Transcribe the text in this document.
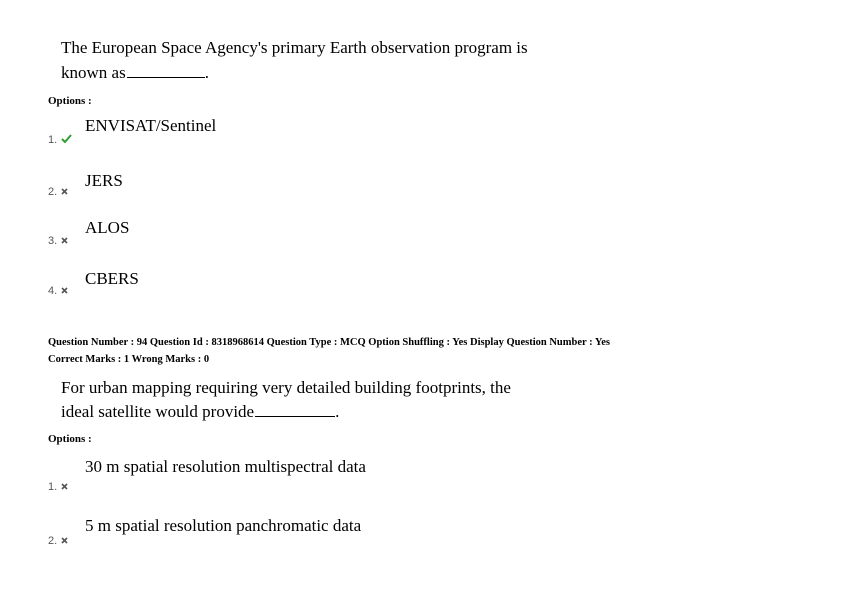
The European Space Agency's primary Earth observation program is
known as	.
Options :
ENVISAT/Sentinel
1.
JERS
2.
ALOS
3.
CBERS
4.
Question Number : 94 Question Id : 8318968614 Question Type : MCQ Option Shuffling : Yes Display Question Number : Yes
Correct Marks : 1 Wrong Marks : 0
For urban mapping requiring very detailed building footprints, the
ideal satellite would provide	.
Options :
30 m spatial resolution multispectral data
1.
5 m spatial resolution panchromatic data
2.
